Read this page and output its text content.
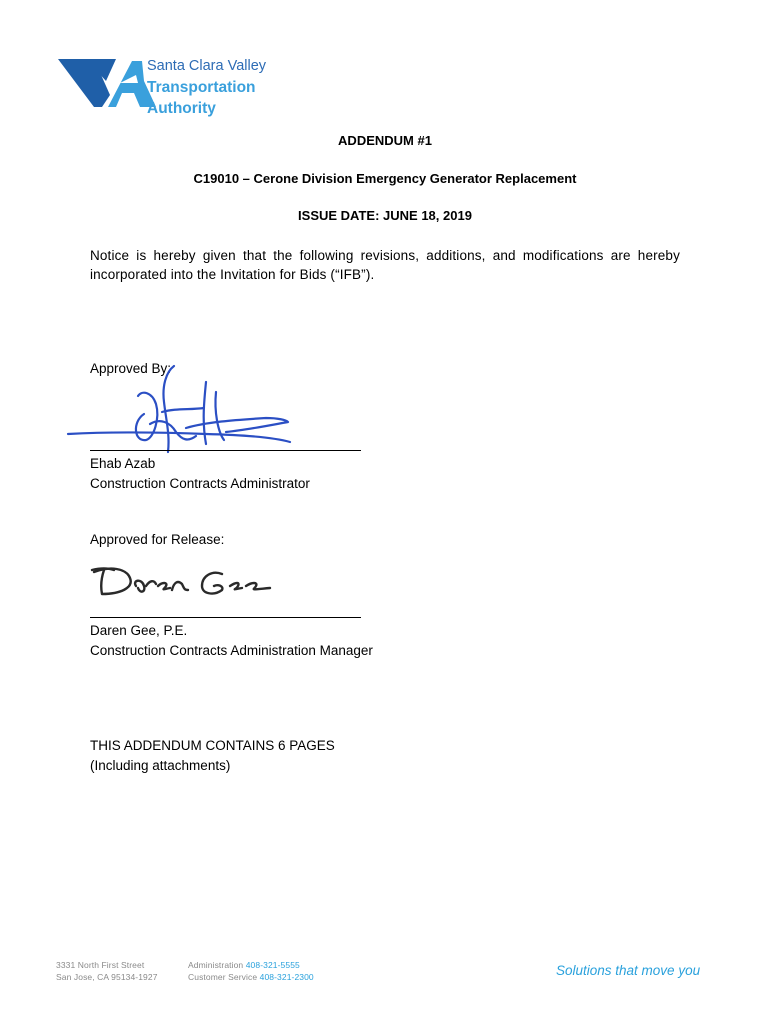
Santa Clara Valley
Transportation
Authority
ADDENDUM #1
C19010 – Cerone Division Emergency Generator Replacement
ISSUE DATE: JUNE 18, 2019
Notice is hereby given that the following revisions, additions, and modifications are hereby incorporated into the Invitation for Bids (“IFB”).
Approved By:
Ehab Azab
Construction Contracts Administrator
Approved for Release:
Daren Gee, P.E.
Construction Contracts Administration Manager
THIS ADDENDUM CONTAINS 6 PAGES
(Including attachments)
3331 North First Street
San Jose, CA 95134-1927
Administration 408-321-5555
Customer Service 408-321-2300	Solutions that move you
